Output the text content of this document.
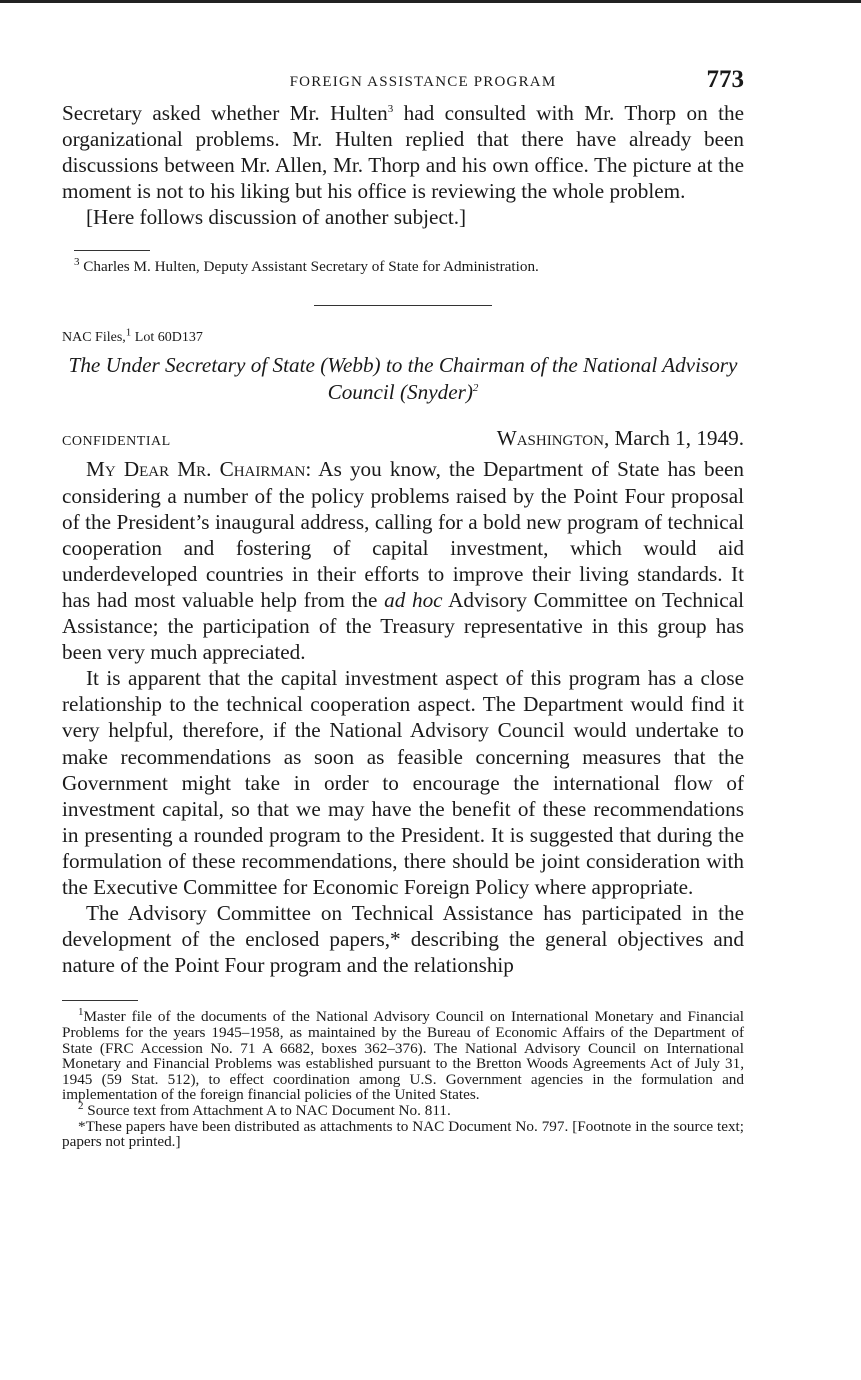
FOREIGN ASSISTANCE PROGRAM	773

Secretary asked whether Mr. Hulten$^3$ had consulted with Mr. Thorp on the organizational problems. Mr. Hulten replied that there have already been discussions between Mr. Allen, Mr. Thorp and his own office. The picture at the moment is not to his liking but his office is reviewing the whole problem.

[Here follows discussion of another subject.]

$^3$ Charles M. Hulten, Deputy Assistant Secretary of State for Administration.

NAC Files,$^1$ Lot 60D137
The Under Secretary of State (Webb) to the Chairman of the National Advisory Council (Snyder)$^2$
CONFIDENTIAL	Washington, March 1, 1949.

My Dear Mr. Chairman: As you know, the Department of State has been considering a number of the policy problems raised by the Point Four proposal of the President’s inaugural address, calling for a bold new program of technical cooperation and fostering of capital investment, which would aid underdeveloped countries in their efforts to improve their living standards. It has had most valuable help from the ad hoc Advisory Committee on Technical Assistance; the participation of the Treasury representative in this group has been very much appreciated.

It is apparent that the capital investment aspect of this program has a close relationship to the technical cooperation aspect. The Department would find it very helpful, therefore, if the National Advisory Council would undertake to make recommendations as soon as feasible concerning measures that the Government might take in order to encourage the international flow of investment capital, so that we may have the benefit of these recommendations in presenting a rounded program to the President. It is suggested that during the formulation of these recommendations, there should be joint consideration with the Executive Committee for Economic Foreign Policy where appropriate.

The Advisory Committee on Technical Assistance has participated in the development of the enclosed papers,* describing the general objectives and nature of the Point Four program and the relationship

$^1$Master file of the documents of the National Advisory Council on International Monetary and Financial Problems for the years 1945–1958, as maintained by the Bureau of Economic Affairs of the Department of State (FRC Accession No. 71 A 6682, boxes 362–376). The National Advisory Council on International Monetary and Financial Problems was established pursuant to the Bretton Woods Agreements Act of July 31, 1945 (59 Stat. 512), to effect coordination among U.S. Government agencies in the formulation and implementation of the foreign financial policies of the United States.

$^2$ Source text from Attachment A to NAC Document No. 811.

*These papers have been distributed as attachments to NAC Document No. 797. [Footnote in the source text; papers not printed.]
